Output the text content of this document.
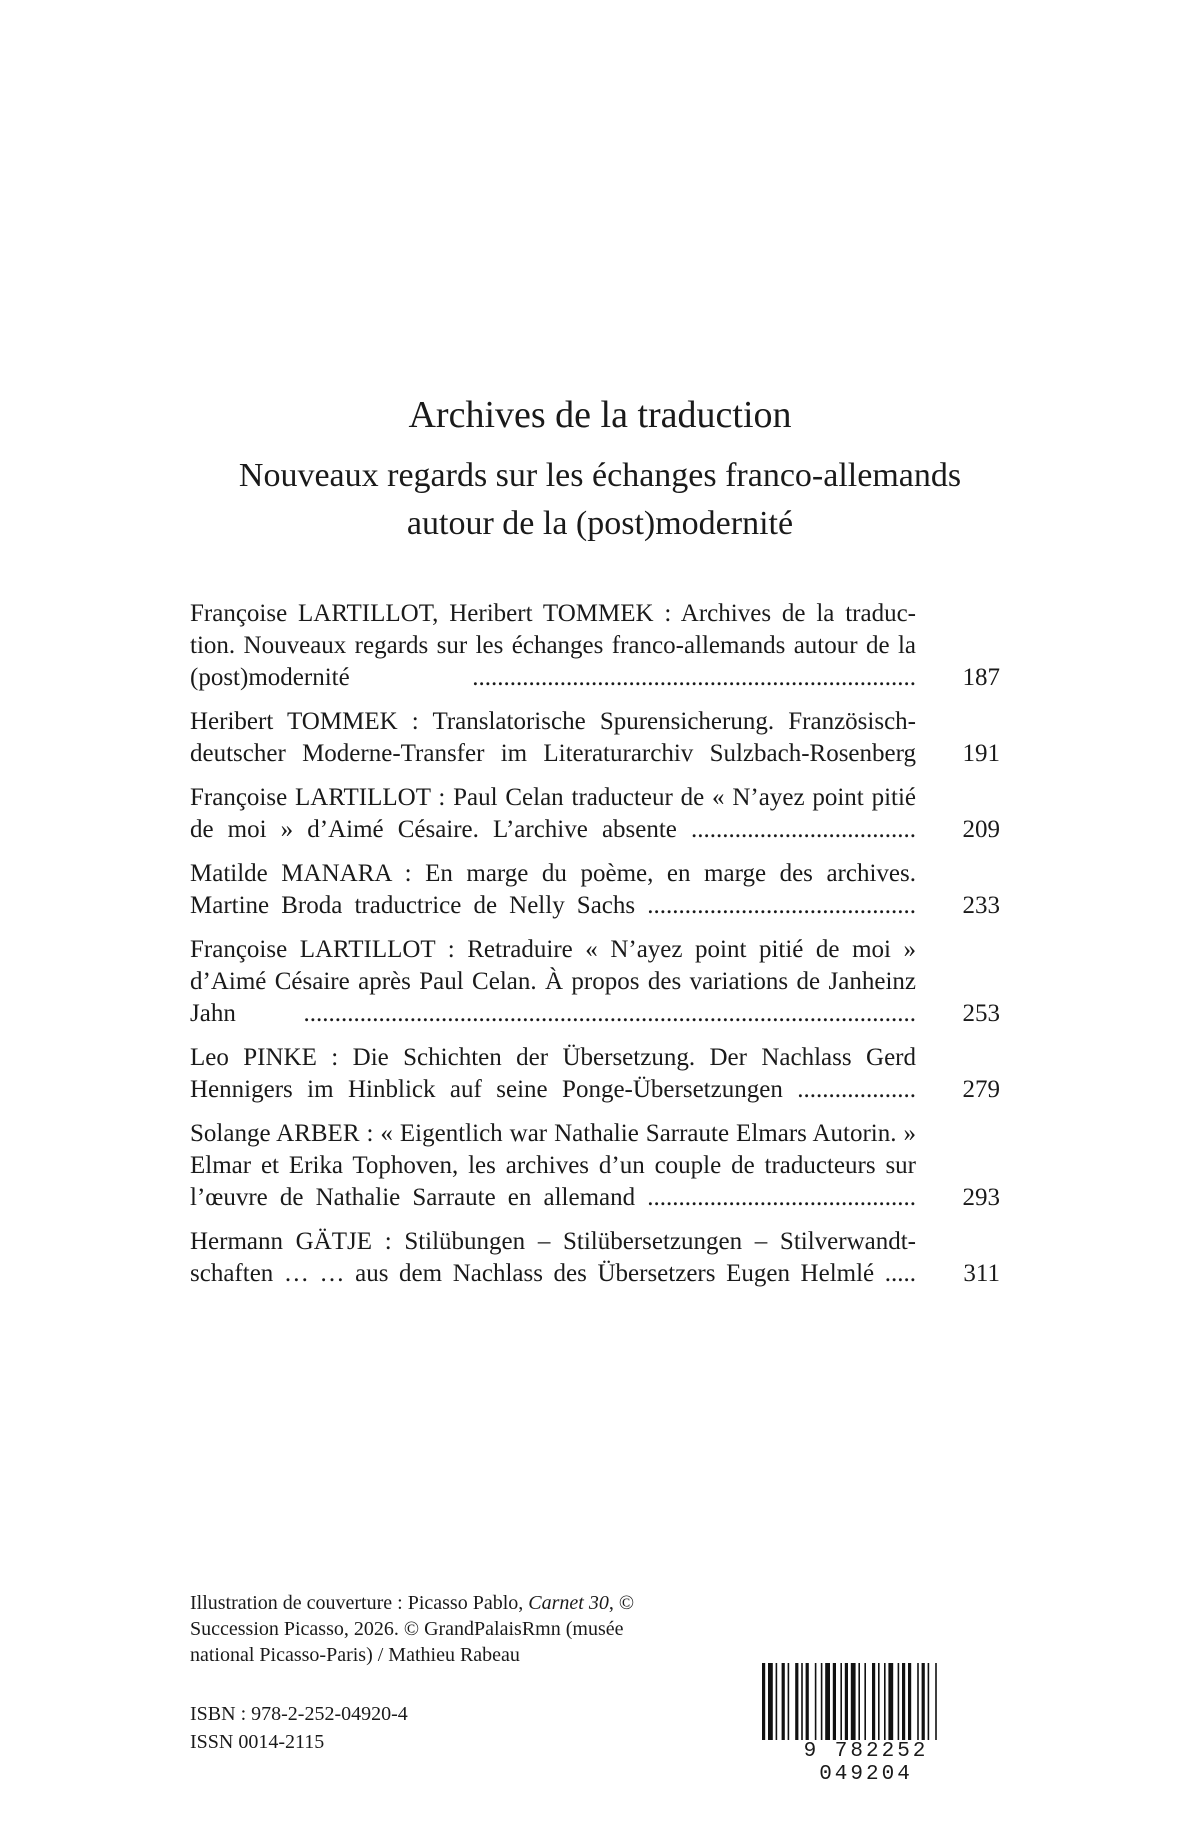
Archives de la traduction
Nouveaux regards sur les échanges franco-allemands
autour de la (post)modernité
Françoise LARTILLOT, Heribert TOMMEK : Archives de la traduc-tion. Nouveaux regards sur les échanges franco-allemands autour de la (post)modernité .......................................................................	187
Heribert TOMMEK : Translatorische Spurensicherung. Französisch-deutscher Moderne-Transfer im Literaturarchiv Sulzbach-Rosenberg	191
Françoise LARTILLOT : Paul Celan traducteur de « N’ayez point pitié de moi » d’Aimé Césaire. L’archive absente ....................................	209
Matilde MANARA : En marge du poème, en marge des archives. Martine Broda traductrice de Nelly Sachs ...........................................	233
Françoise LARTILLOT : Retraduire « N’ayez point pitié de moi » d’Aimé Césaire après Paul Celan. À propos des variations de Janheinz Jahn ..................................................................................................	253
Leo PINKE : Die Schichten der Übersetzung. Der Nachlass Gerd Hennigers im Hinblick auf seine Ponge-Übersetzungen ...................	279
Solange ARBER : « Eigentlich war Nathalie Sarraute Elmars Autorin. » Elmar et Erika Tophoven, les archives d’un couple de traducteurs sur l’œuvre de Nathalie Sarraute en allemand ...........................................	293
Hermann GÄTJE : Stilübungen – Stilübersetzungen – Stilverwandt-schaften … … aus dem Nachlass des Übersetzers Eugen Helmlé .....	311
Illustration de couverture : Picasso Pablo, Carnet 30, © Succession Picasso, 2026. © GrandPalaisRmn (musée national Picasso-Paris) / Mathieu Rabeau
ISBN : 978-2-252-04920-4
ISSN 0014-2115	9 782252 049204
